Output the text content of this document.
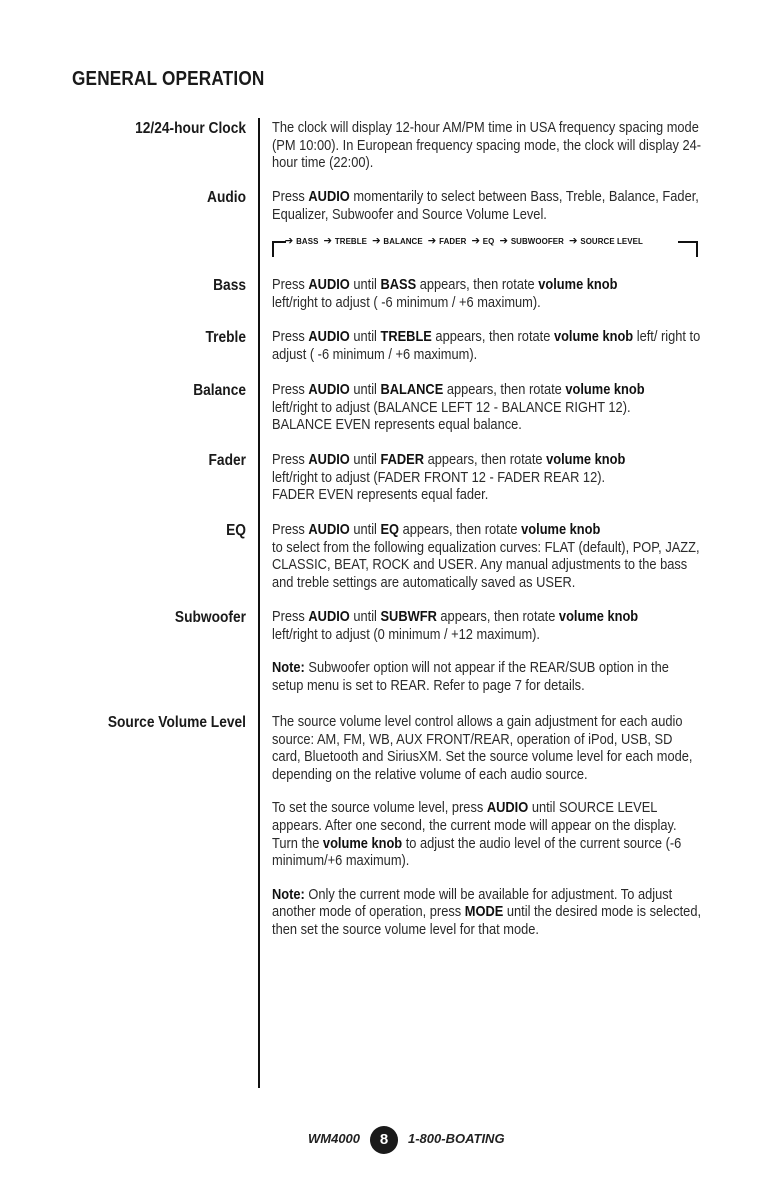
GENERAL OPERATION
12/24-hour Clock
Audio
Bass
Treble
Balance
Fader
EQ
Subwoofer
Source Volume Level
The clock will display 12-hour AM/PM time in USA frequency spacing mode (PM 10:00). In European frequency spacing mode, the clock will display 24-hour time (22:00).
Press AUDIO momentarily to select between Bass, Treble, Balance, Fader, Equalizer, Subwoofer and Source Volume Level.
➔ BASS ➔ TREBLE ➔ BALANCE ➔ FADER ➔ EQ ➔ SUBWOOFER ➔ SOURCE LEVEL
Press AUDIO until BASS appears, then rotate volume knob
left/right to adjust ( -6 minimum / +6 maximum).
Press AUDIO until TREBLE appears, then rotate volume knob left/ right to adjust ( -6 minimum / +6 maximum).
Press AUDIO until BALANCE appears, then rotate volume knob
left/right to adjust (BALANCE LEFT 12 - BALANCE RIGHT 12).
BALANCE EVEN represents equal balance.
Press AUDIO until FADER appears, then rotate volume knob
left/right to adjust (FADER FRONT 12 - FADER REAR 12).
FADER EVEN represents equal fader.
Press AUDIO until EQ appears, then rotate volume knob
to select from the following equalization curves: FLAT (default), POP, JAZZ, CLASSIC, BEAT, ROCK and USER. Any manual adjustments to the bass and treble settings are automatically saved as USER.
Press AUDIO until SUBWFR appears, then rotate volume knob
left/right to adjust (0 minimum / +12 maximum).
Note: Subwoofer option will not appear if the REAR/SUB option in the setup menu is set to REAR. Refer to page 7 for details.
The source volume level control allows a gain adjustment for each audio source: AM, FM, WB, AUX FRONT/REAR, operation of iPod, USB, SD card, Bluetooth and SiriusXM. Set the source volume level for each mode, depending on the relative volume of each audio source.
To set the source volume level, press AUDIO until SOURCE LEVEL appears. After one second, the current mode will appear on the display. Turn the volume knob to adjust the audio level of the current source (-6 minimum/+6 maximum).
Note: Only the current mode will be available for adjustment. To adjust another mode of operation, press MODE until the desired mode is selected, then set the source volume level for that mode.
WM4000	8	1-800-BOATING
